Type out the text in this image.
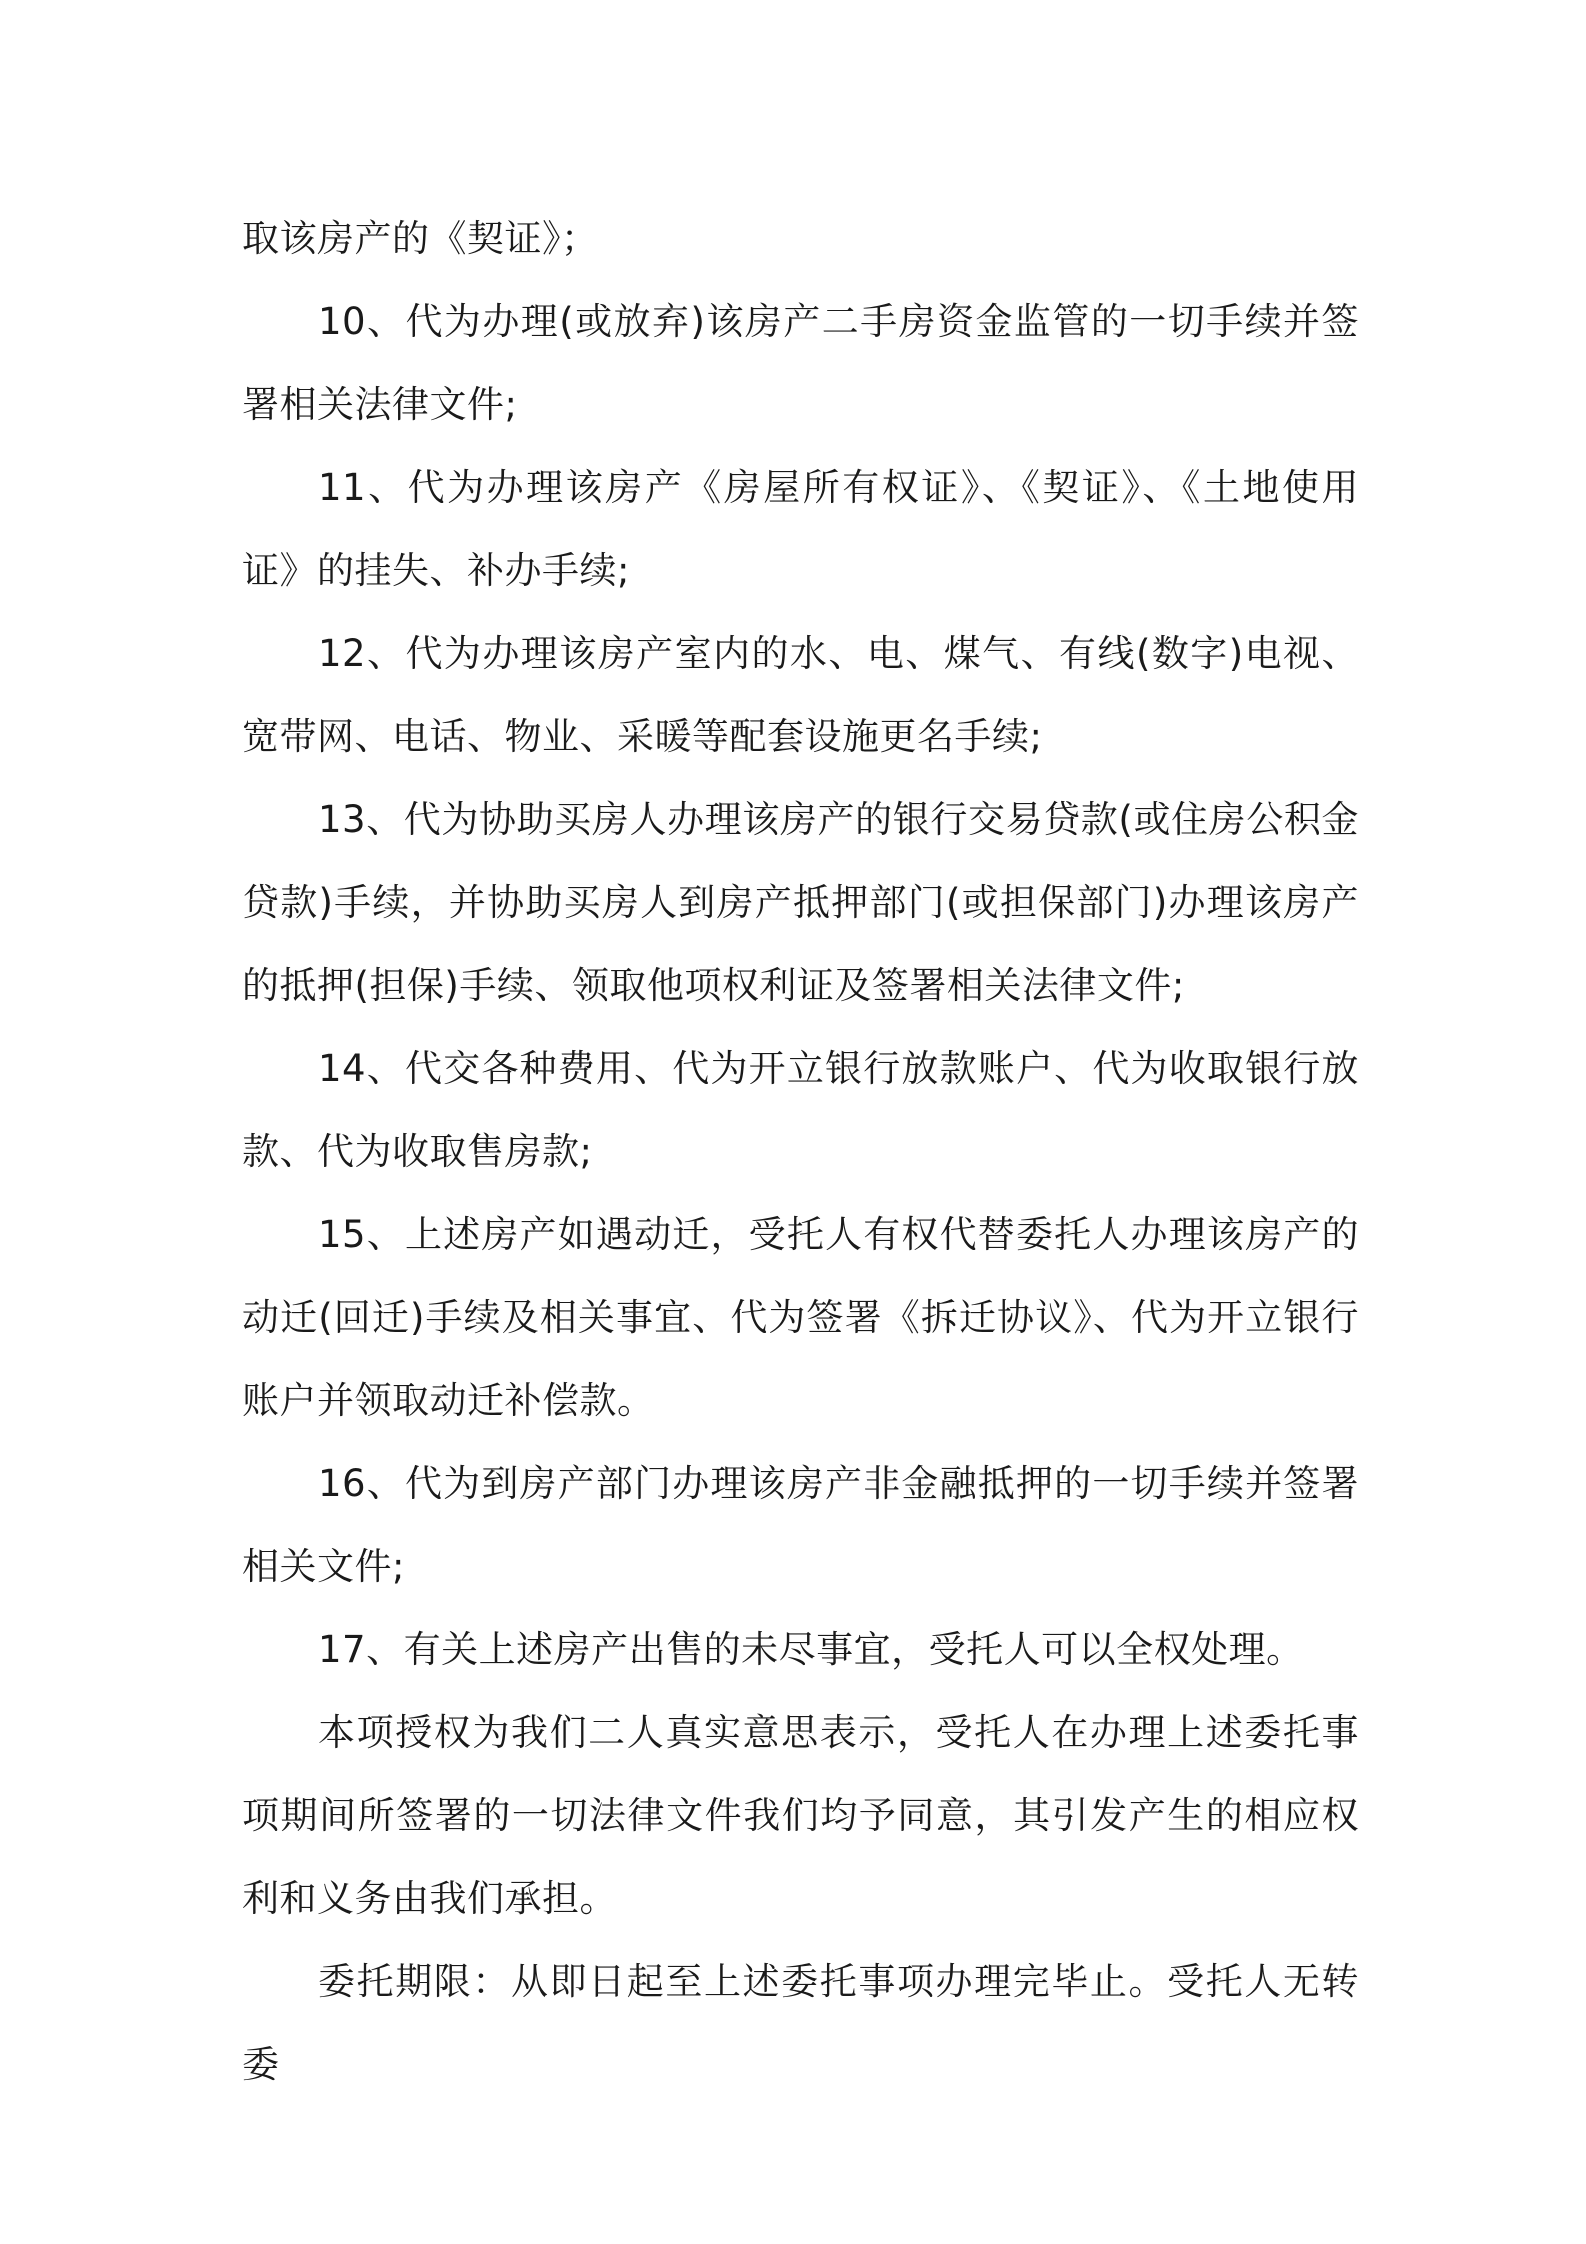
取该房产的《契证》；

10、代为办理(或放弃)该房产二手房资金监管的一切手续并签署相关法律文件;

11、代为办理该房产《房屋所有权证》、《契证》、《土地使用证》的挂失、补办手续;

12、代为办理该房产室内的水、电、煤气、有线(数字)电视、宽带网、电话、物业、采暖等配套设施更名手续;

13、代为协助买房人办理该房产的银行交易贷款(或住房公积金贷款)手续，并协助买房人到房产抵押部门(或担保部门)办理该房产的抵押(担保)手续、领取他项权利证及签署相关法律文件;

14、代交各种费用、代为开立银行放款账户、代为收取银行放款、代为收取售房款;

15、上述房产如遇动迁，受托人有权代替委托人办理该房产的动迁(回迁)手续及相关事宜、代为签署《拆迁协议》、代为开立银行账户并领取动迁补偿款。

16、代为到房产部门办理该房产非金融抵押的一切手续并签署相关文件;

17、有关上述房产出售的未尽事宜，受托人可以全权处理。

本项授权为我们二人真实意思表示，受托人在办理上述委托事项期间所签署的一切法律文件我们均予同意，其引发产生的相应权利和义务由我们承担。

委托期限：从即日起至上述委托事项办理完毕止。受托人无转委
